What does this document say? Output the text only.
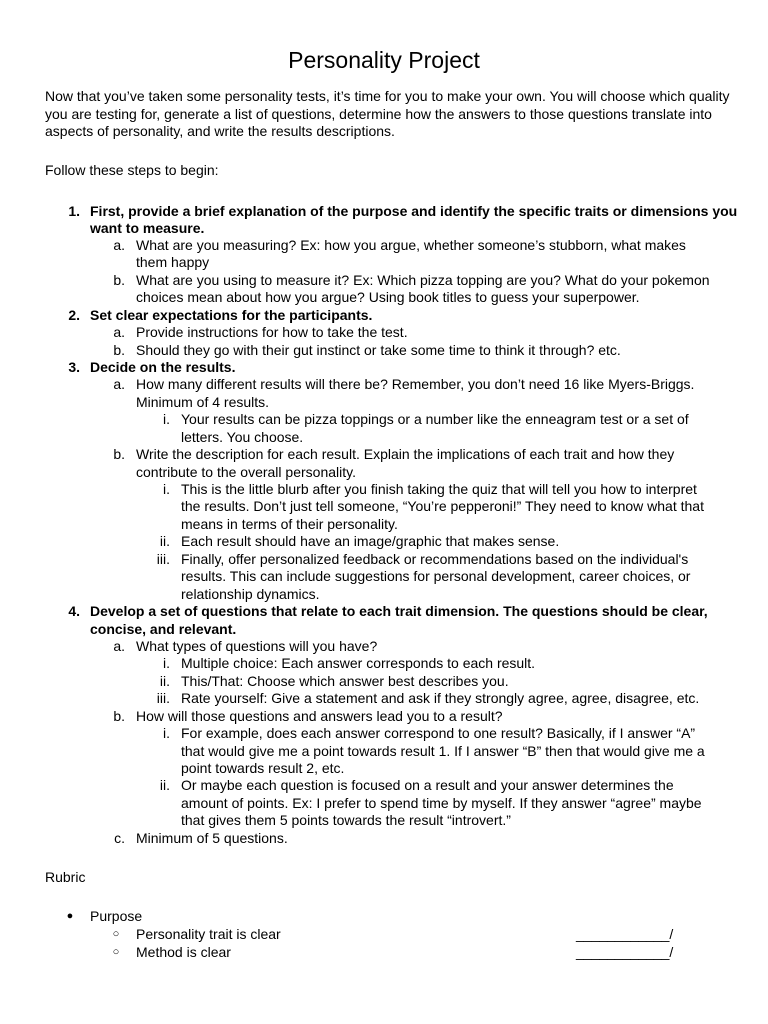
Personality Project
Now that you’ve taken some personality tests, it’s time for you to make your own. You will choose which quality you are testing for, generate a list of questions, determine how the answers to those questions translate into aspects of personality, and write the results descriptions.
Follow these steps to begin:
1. First, provide a brief explanation of the purpose and identify the specific traits or dimensions you
want to measure.
a. What are you measuring? Ex: how you argue, whether someone’s stubborn, what makes
them happy
b. What are you using to measure it? Ex: Which pizza topping are you? What do your pokemon
choices mean about how you argue? Using book titles to guess your superpower.
2. Set clear expectations for the participants.
a. Provide instructions for how to take the test.
b. Should they go with their gut instinct or take some time to think it through? etc.
3. Decide on the results.
a. How many different results will there be? Remember, you don’t need 16 like Myers-Briggs.
Minimum of 4 results.
i. Your results can be pizza toppings or a number like the enneagram test or a set of
letters. You choose.
b. Write the description for each result. Explain the implications of each trait and how they
contribute to the overall personality.
i. This is the little blurb after you finish taking the quiz that will tell you how to interpret
the results. Don’t just tell someone, “You’re pepperoni!” They need to know what that
means in terms of their personality.
ii. Each result should have an image/graphic that makes sense.
iii. Finally, offer personalized feedback or recommendations based on the individual's
results. This can include suggestions for personal development, career choices, or
relationship dynamics.
4. Develop a set of questions that relate to each trait dimension. The questions should be clear,
concise, and relevant.
a. What types of questions will you have?
i. Multiple choice: Each answer corresponds to each result.
ii. This/That: Choose which answer best describes you.
iii. Rate yourself: Give a statement and ask if they strongly agree, agree, disagree, etc.
b. How will those questions and answers lead you to a result?
i. For example, does each answer correspond to one result? Basically, if I answer “A”
that would give me a point towards result 1. If I answer “B” then that would give me a
point towards result 2, etc.
ii. Or maybe each question is focused on a result and your answer determines the
amount of points. Ex: I prefer to spend time by myself. If they answer “agree” maybe
that gives them 5 points towards the result “introvert.”
c. Minimum of 5 questions.
Rubric
●	Purpose
○	Personality trait is clear	____________/
○	Method is clear	____________/
